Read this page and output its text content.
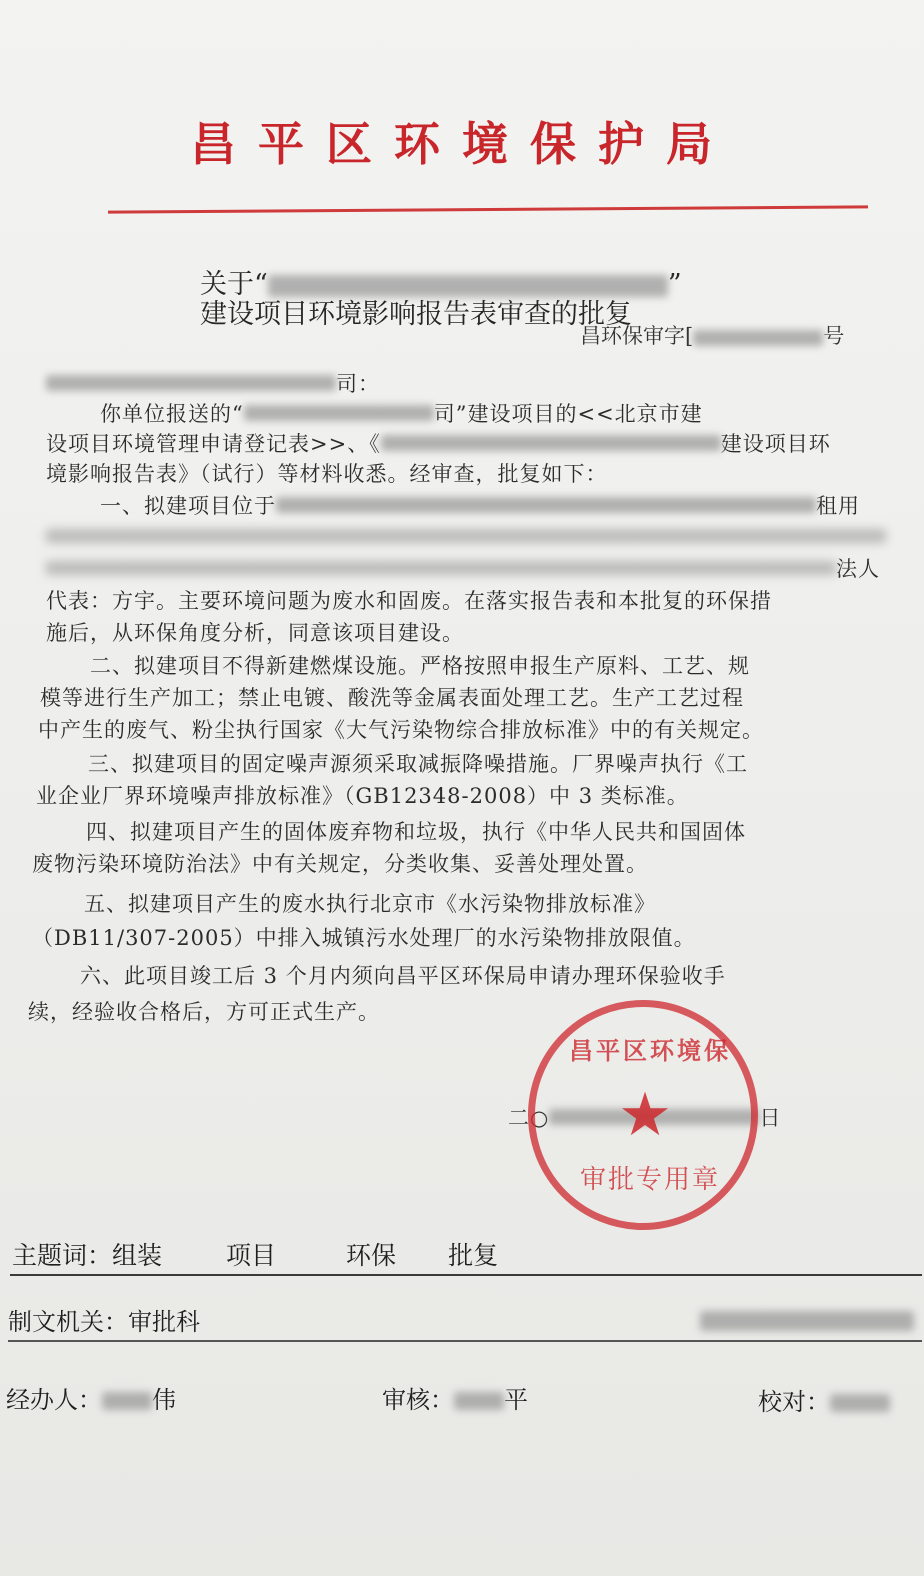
昌平区环境保护局
关于“	”
建设项目环境影响报告表审查的批复
昌环保审字[	号
司：
你单位报送的“	司”建设项目的<<北京市建
设项目环境管理申请登记表>>、《	建设项目环
境影响报告表》（试行）等材料收悉。经审查，批复如下：
一、拟建项目位于	租用
法人
代表：方宇。主要环境问题为废水和固废。在落实报告表和本批复的环保措
施后，从环保角度分析，同意该项目建设。
二、拟建项目不得新建燃煤设施。严格按照申报生产原料、工艺、规
模等进行生产加工；禁止电镀、酸洗等金属表面处理工艺。生产工艺过程
中产生的废气、粉尘执行国家《大气污染物综合排放标准》中的有关规定。
三、拟建项目的固定噪声源须采取减振降噪措施。厂界噪声执行《工
业企业厂界环境噪声排放标准》（GB12348-2008）中 3 类标准。
四、拟建项目产生的固体废弃物和垃圾，执行《中华人民共和国固体
废物污染环境防治法》中有关规定，分类收集、妥善处理处置。
五、拟建项目产生的废水执行北京市《水污染物排放标准》
（DB11/307-2005）中排入城镇污水处理厂的水污染物排放限值。
六、此项目竣工后 3 个月内须向昌平区环保局申请办理环保验收手
续，经验收合格后，方可正式生产。
二○	日
昌平区环境保
★
审批专用章
主题词：组装	项目	环保 批复
制文机关：审批科
经办人： 伟	审核： 平	校对：
